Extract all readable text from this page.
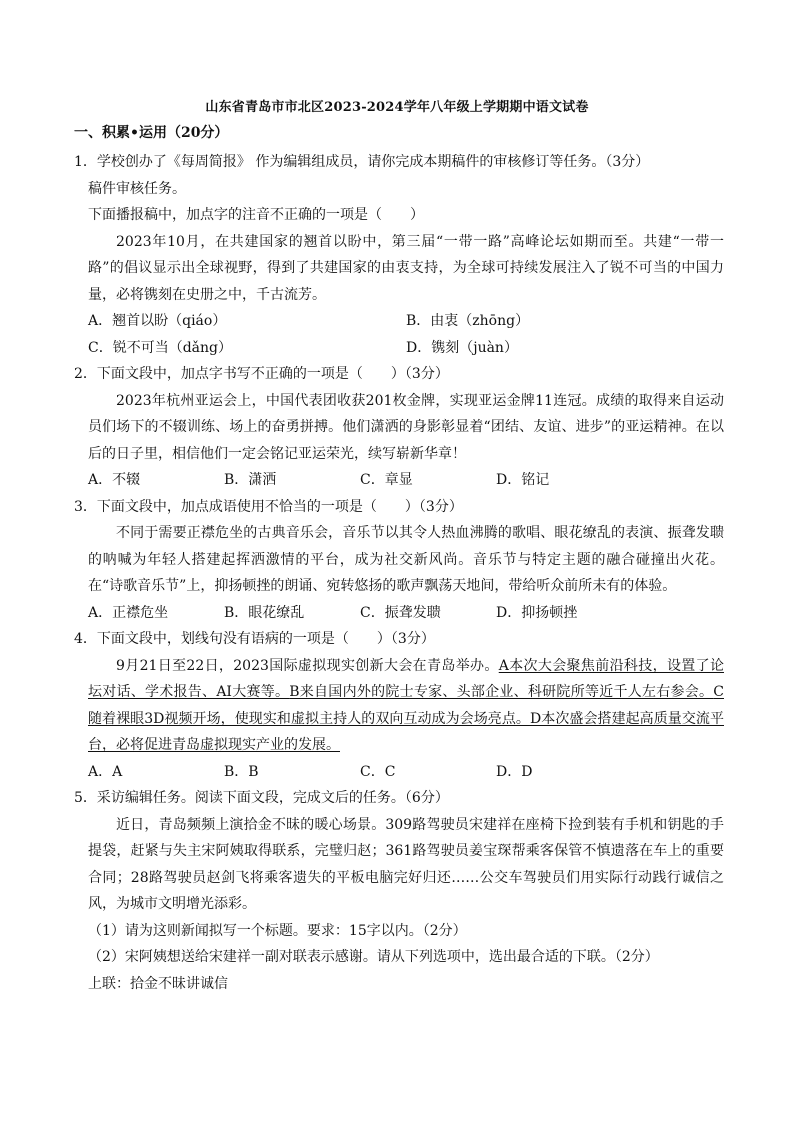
山东省青岛市市北区2023-2024学年八年级上学期期中语文试卷
一、积累•运用（20分）
1．学校创办了《每周简报》 作为编辑组成员，请你完成本期稿件的审核修订等任务。（3分）
稿件审核任务。
下面播报稿中，加点字的注音不正确的一项是（　　）
2023年10月，在共建国家的翘首以盼中，第三届“一带一路”高峰论坛如期而至。共建“一带一路”的倡议显示出全球视野，得到了共建国家的由衷支持，为全球可持续发展注入了锐不可当的中国力量，必将镌刻在史册之中，千古流芳。
A．翘首以盼（qiáo）	B．由衷（zhōng）
C．锐不可当（dǎng）	D．镌刻（juàn）
2．下面文段中，加点字书写不正确的一项是（　　）（3分）
2023年杭州亚运会上，中国代表团收获201枚金牌，实现亚运金牌11连冠。成绩的取得来自运动员们场下的不辍训练、场上的奋勇拼搏。他们潇洒的身影彰显着“团结、友谊、进步”的亚运精神。在以后的日子里，相信他们一定会铭记亚运荣光，续写崭新华章！
A．不辍	B．潇洒	C．章显	D．铭记
3．下面文段中，加点成语使用不恰当的一项是（　　）（3分）
不同于需要正襟危坐的古典音乐会，音乐节以其令人热血沸腾的歌唱、眼花缭乱的表演、振聋发聩的呐喊为年轻人搭建起挥洒激情的平台，成为社交新风尚。音乐节与特定主题的融合碰撞出火花。在“诗歌音乐节”上，抑扬顿挫的朗诵、宛转悠扬的歌声飘荡天地间，带给听众前所未有的体验。
A．正襟危坐	B．眼花缭乱	C．振聋发聩	D．抑扬顿挫
4．下面文段中，划线句没有语病的一项是（　　）（3分）
9月21日至22日，2023国际虚拟现实创新大会在青岛举办。A本次大会聚焦前沿科技，设置了论坛对话、学术报告、AI大赛等。B来自国内外的院士专家、头部企业、科研院所等近千人左右参会。C随着裸眼3D视频开场，使现实和虚拟主持人的双向互动成为会场亮点。D本次盛会搭建起高质量交流平台，必将促进青岛虚拟现实产业的发展。
A．A	B．B	C．C	D．D
5．采访编辑任务。阅读下面文段，完成文后的任务。（6分）
近日，青岛频频上演拾金不昧的暖心场景。309路驾驶员宋建祥在座椅下捡到装有手机和钥匙的手提袋，赶紧与失主宋阿姨取得联系，完璧归赵；361路驾驶员姜宝琛帮乘客保管不慎遗落在车上的重要合同；28路驾驶员赵剑飞将乘客遗失的平板电脑完好归还……公交车驾驶员们用实际行动践行诚信之风，为城市文明增光添彩。
（1）请为这则新闻拟写一个标题。要求：15字以内。（2分）
（2）宋阿姨想送给宋建祥一副对联表示感谢。请从下列选项中，选出最合适的下联。（2分）
上联：拾金不昧讲诚信
